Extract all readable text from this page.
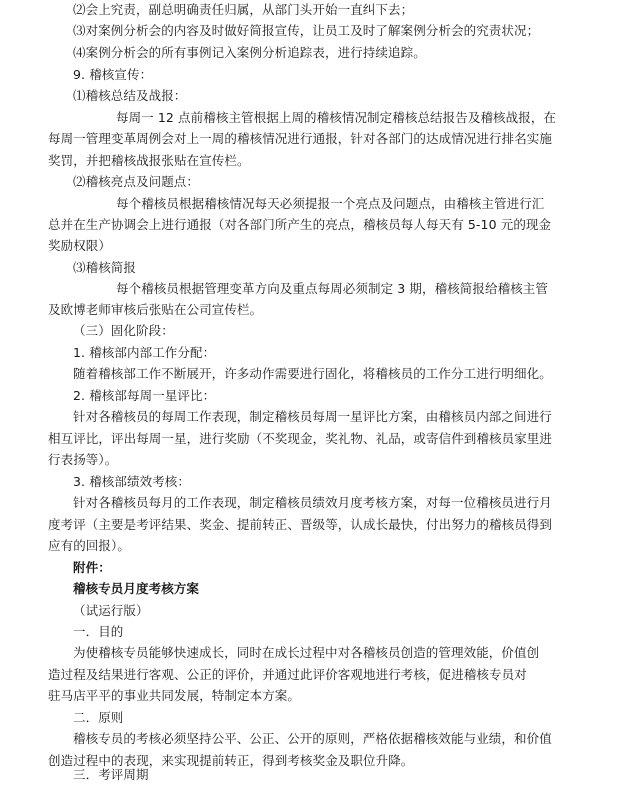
⑵会上究责，副总明确责任归属，从部门头开始一直纠下去；
⑶对案例分析会的内容及时做好简报宣传，让员工及时了解案例分析会的究责状况；
⑷案例分析会的所有事例记入案例分析追踪表，进行持续追踪。
9. 稽核宣传：
⑴稽核总结及战报：
每周一 12 点前稽核主管根据上周的稽核情况制定稽核总结报告及稽核战报，在
每周一管理变革周例会对上一周的稽核情况进行通报，针对各部门的达成情况进行排名实施
奖罚，并把稽核战报张贴在宣传栏。
⑵稽核亮点及问题点：
每个稽核员根据稽核情况每天必须提报一个亮点及问题点，由稽核主管进行汇
总并在生产协调会上进行通报（对各部门所产生的亮点，稽核员每人每天有 5-10 元的现金
奖励权限）
⑶稽核简报
每个稽核员根据管理变革方向及重点每周必须制定 3 期，稽核简报给稽核主管
及欧博老师审核后张贴在公司宣传栏。
（三）固化阶段：
1. 稽核部内部工作分配：
随着稽核部工作不断展开，许多动作需要进行固化，将稽核员的工作分工进行明细化。
2. 稽核部每周一星评比：
针对各稽核员的每周工作表现，制定稽核员每周一星评比方案，由稽核员内部之间进行
相互评比，评出每周一星，进行奖励（不奖现金，奖礼物、礼品，或寄信件到稽核员家里进
行表扬等）。
3. 稽核部绩效考核：
针对各稽核员每月的工作表现，制定稽核员绩效月度考核方案，对每一位稽核员进行月
度考评（主要是考评结果、奖金、提前转正、晋级等，认成长最快，付出努力的稽核员得到
应有的回报）。
附件：
稽核专员月度考核方案
（试运行版）
一．目的
为使稽核专员能够快速成长，同时在成长过程中对各稽核员创造的管理效能，价值创
造过程及结果进行客观、公正的评价，并通过此评价客观地进行考核，促进稽核专员对
驻马店平平的事业共同发展，特制定本方案。
二．原则
稽核专员的考核必须坚持公平、公正、公开的原则，严格依据稽核效能与业绩，和价值
创造过程中的表现，来实现提前转正，得到考核奖金及职位升降。
三．考评周期
